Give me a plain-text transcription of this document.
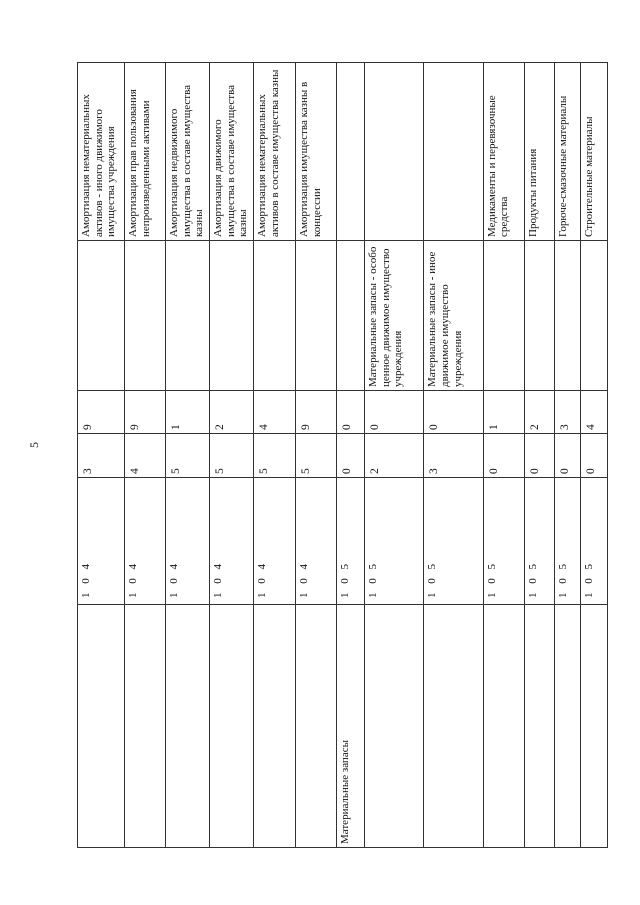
5
	1 0 4	3	9		Амортизация нематериальных активов - иного движимого имущества учреждения
	1 0 4	4	9		Амортизация прав пользования непроизведенными активами
	1 0 4	5	1		Амортизация недвижимого имущества в составе имущества казны
	1 0 4	5	2		Амортизация движимого имущества в составе имущества казны
	1 0 4	5	4		Амортизация нематериальных активов в составе имущества казны
	1 0 4	5	9		Амортизация имущества казны в концессии
Материальные запасы	1 0 5	0	0		
	1 0 5	2	0	Материальные запасы - особо ценное движимое имущество учреждения	
	1 0 5	3	0	Материальные запасы - иное движимое имущество учреждения	
	1 0 5	0	1		Медикаменты и перевязочные средства
	1 0 5	0	2		Продукты питания
	1 0 5	0	3		Горюче-смазочные материалы
	1 0 5	0	4		Строительные материалы
